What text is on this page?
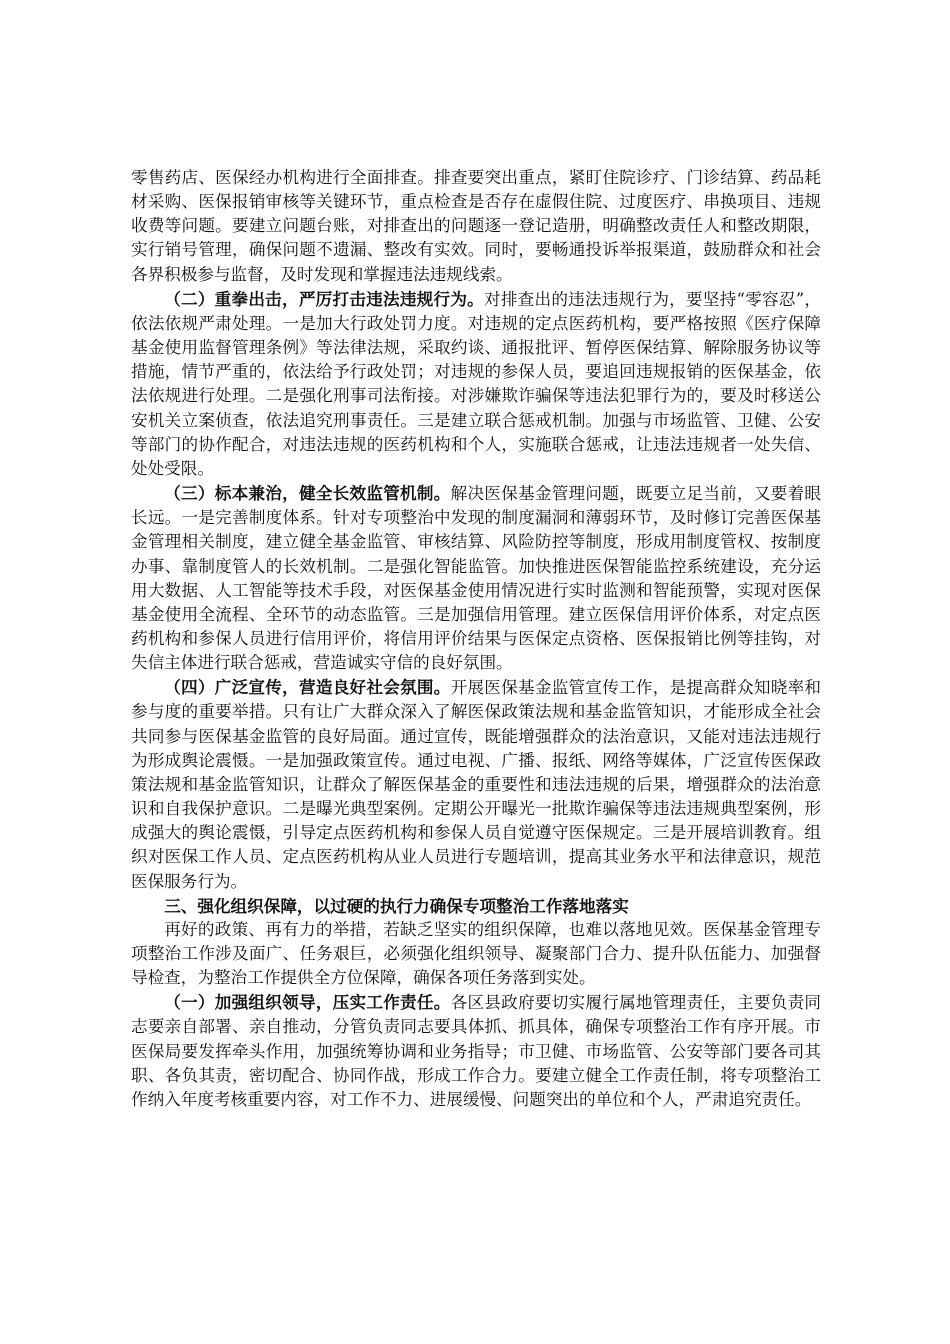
零售药店、医保经办机构进行全面排查。排查要突出重点，紧盯住院诊疗、门诊结算、药品耗材采购、医保报销审核等关键环节，重点检查是否存在虚假住院、过度医疗、串换项目、违规收费等问题。要建立问题台账，对排查出的问题逐一登记造册，明确整改责任人和整改期限，实行销号管理，确保问题不遗漏、整改有实效。同时，要畅通投诉举报渠道，鼓励群众和社会各界积极参与监督，及时发现和掌握违法违规线索。

（二）重拳出击，严厉打击违法违规行为。对排查出的违法违规行为，要坚持“零容忍”，依法依规严肃处理。一是加大行政处罚力度。对违规的定点医药机构，要严格按照《医疗保障基金使用监督管理条例》等法律法规，采取约谈、通报批评、暂停医保结算、解除服务协议等措施，情节严重的，依法给予行政处罚；对违规的参保人员，要追回违规报销的医保基金，依法依规进行处理。二是强化刑事司法衔接。对涉嫌欺诈骗保等违法犯罪行为的，要及时移送公安机关立案侦查，依法追究刑事责任。三是建立联合惩戒机制。加强与市场监管、卫健、公安等部门的协作配合，对违法违规的医药机构和个人，实施联合惩戒，让违法违规者一处失信、处处受限。

（三）标本兼治，健全长效监管机制。解决医保基金管理问题，既要立足当前，又要着眼长远。一是完善制度体系。针对专项整治中发现的制度漏洞和薄弱环节，及时修订完善医保基金管理相关制度，建立健全基金监管、审核结算、风险防控等制度，形成用制度管权、按制度办事、靠制度管人的长效机制。二是强化智能监管。加快推进医保智能监控系统建设，充分运用大数据、人工智能等技术手段，对医保基金使用情况进行实时监测和智能预警，实现对医保基金使用全流程、全环节的动态监管。三是加强信用管理。建立医保信用评价体系，对定点医药机构和参保人员进行信用评价，将信用评价结果与医保定点资格、医保报销比例等挂钩，对失信主体进行联合惩戒，营造诚实守信的良好氛围。

（四）广泛宣传，营造良好社会氛围。开展医保基金监管宣传工作，是提高群众知晓率和参与度的重要举措。只有让广大群众深入了解医保政策法规和基金监管知识，才能形成全社会共同参与医保基金监管的良好局面。通过宣传，既能增强群众的法治意识，又能对违法违规行为形成舆论震慑。一是加强政策宣传。通过电视、广播、报纸、网络等媒体，广泛宣传医保政策法规和基金监管知识，让群众了解医保基金的重要性和违法违规的后果，增强群众的法治意识和自我保护意识。二是曝光典型案例。定期公开曝光一批欺诈骗保等违法违规典型案例，形成强大的舆论震慑，引导定点医药机构和参保人员自觉遵守医保规定。三是开展培训教育。组织对医保工作人员、定点医药机构从业人员进行专题培训，提高其业务水平和法律意识，规范医保服务行为。

三、强化组织保障，以过硬的执行力确保专项整治工作落地落实

再好的政策、再有力的举措，若缺乏坚实的组织保障，也难以落地见效。医保基金管理专项整治工作涉及面广、任务艰巨，必须强化组织领导、凝聚部门合力、提升队伍能力、加强督导检查，为整治工作提供全方位保障，确保各项任务落到实处。

（一）加强组织领导，压实工作责任。各区县政府要切实履行属地管理责任，主要负责同志要亲自部署、亲自推动，分管负责同志要具体抓、抓具体，确保专项整治工作有序开展。市医保局要发挥牵头作用，加强统筹协调和业务指导；市卫健、市场监管、公安等部门要各司其职、各负其责，密切配合、协同作战，形成工作合力。要建立健全工作责任制，将专项整治工作纳入年度考核重要内容，对工作不力、进展缓慢、问题突出的单位和个人，严肃追究责任。
